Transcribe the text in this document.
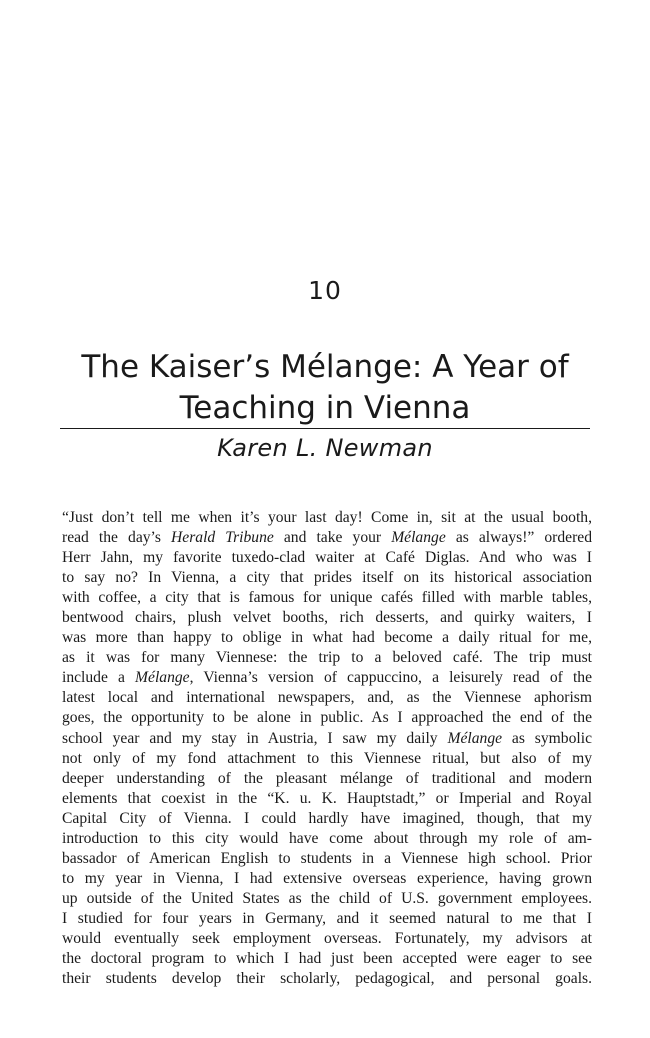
10
The Kaiser’s Mélange: A Year of
Teaching in Vienna
Karen L. Newman
“Just don’t tell me when it’s your last day! Come in, sit at the usual booth,
read the day’s Herald Tribune and take your Mélange as always!” ordered
Herr Jahn, my favorite tuxedo-clad waiter at Café Diglas. And who was I
to say no? In Vienna, a city that prides itself on its historical association
with coffee, a city that is famous for unique cafés filled with marble tables,
bentwood chairs, plush velvet booths, rich desserts, and quirky waiters, I
was more than happy to oblige in what had become a daily ritual for me,
as it was for many Viennese: the trip to a beloved café. The trip must
include a Mélange, Vienna’s version of cappuccino, a leisurely read of the
latest local and international newspapers, and, as the Viennese aphorism
goes, the opportunity to be alone in public. As I approached the end of the
school year and my stay in Austria, I saw my daily Mélange as symbolic
not only of my fond attachment to this Viennese ritual, but also of my
deeper understanding of the pleasant mélange of traditional and modern
elements that coexist in the “K. u. K. Hauptstadt,” or Imperial and Royal
Capital City of Vienna. I could hardly have imagined, though, that my
introduction to this city would have come about through my role of am-
bassador of American English to students in a Viennese high school. Prior
to my year in Vienna, I had extensive overseas experience, having grown
up outside of the United States as the child of U.S. government employees.
I studied for four years in Germany, and it seemed natural to me that I
would eventually seek employment overseas. Fortunately, my advisors at
the doctoral program to which I had just been accepted were eager to see
their students develop their scholarly, pedagogical, and personal goals.
